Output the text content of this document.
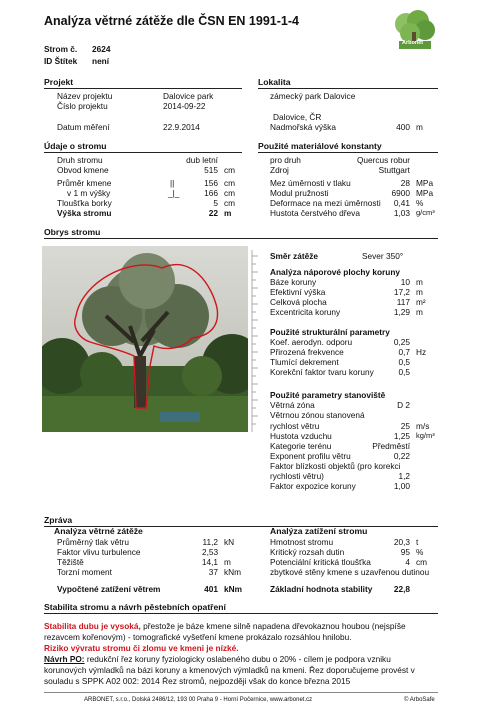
Analýza větrné zátěže dle ČSN EN 1991-1-4
Strom č. 2624
ID Štítek není
Arbonet
Projekt	Lokalita
Název projektu	Dalovice park
Číslo projektu	2014-09-22
Datum měření	22.9.2014
zámecký park Dalovice
Dalovice, ČR
Nadmořská výška	400 m
Údaje o stromu	Použité materiálové konstanty
Druh stromu	dub letní
Obvod kmene	515 cm
Průměr kmene	||	156 cm
v 1 m výšky	_|_	166 cm
Tloušťka borky	5 cm
Výška stromu	22 m
pro druh	Quercus robur
Zdroj	Stuttgart
Mez úměrnosti v tlaku	28 MPa
Modul pružnosti	6900 MPa
Deformace na mezi úměrnosti	0,41 %
Hustota čerstvého dřeva	1,03 g/cm³
Obrys stromu
Směr zátěže	Sever 350°
Analýza náporové plochy koruny
Báze koruny	10 m
Efektivní výška	17,2 m
Celková plocha	117 m²
Excentricita koruny	1,29 m
Použité strukturální parametry
Koef. aerodyn. odporu	0,25
Přirozená frekvence	0,7 Hz
Tlumící dekrement	0,5
Korekční faktor tvaru koruny	0,5
Použité parametry stanoviště
Větrná zóna	D 2
Větrnou zónou stanovená
rychlost větru	25 m/s
Hustota vzduchu	1,25 kg/m³
Kategorie terénu	Předměstí
Exponent profilu větru	0,22
Faktor blízkosti objektů (pro korekci
rychlosti větru)	1,2
Faktor expozice koruny	1,00
Zpráva
Analýza větrné zátěže	Analýza zatížení stromu
Průměrný tlak větru	11,2 kN
Faktor vlivu turbulence	2,53
Těžiště	14,1 m
Torzní moment	37 kNm
Vypočtené zatížení větrem	401 kNm
Hmotnost stromu	20,3 t
Kritický rozsah dutin	95 %
Potenciální kritická tloušťka	4 cm
zbytkové stěny kmene s uzavřenou dutinou
Základní hodnota stability	22,8
Stabilita stromu a návrh pěstebních opatření
Stabilita dubu je vysoká, přestože je báze kmene silně napadena dřevokaznou houbou (nejspíše
rezavcem kořenovým) - tomografické vyšetření kmene prokázalo rozsáhlou hnilobu.
Riziko vývratu stromu či zlomu ve kmeni je nízké.
Návrh PO: redukční řez koruny fyziologicky oslabeného dubu o 20% - cílem je podpora vzniku
korunových výmladků na bázi koruny a kmenových výmladků na kmeni. Řez doporučujeme provést v
souladu s SPPK A02 002: 2014 Řez stromů, nejpozději však do konce března 2015
ARBONET, s.r.o., Dolská 2486/12, 193 00 Praha 9 - Horní Počernice, www.arbonet.cz	© ArboSafe
